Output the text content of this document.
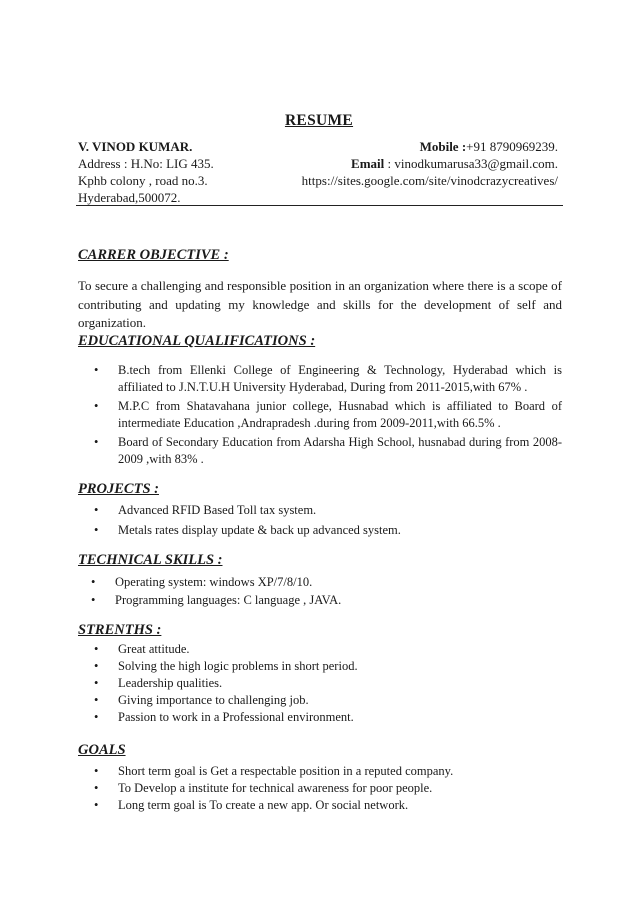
RESUME
V. VINOD KUMAR.	Mobile :+91 8790969239.
Address : H.No: LIG 435.	Email : vinodkumarusa33@gmail.com.
Kphb colony , road no.3.	https://sites.google.com/site/vinodcrazycreatives/
Hyderabad,500072.
CARRER OBJECTIVE :
To secure a challenging and responsible position in an organization where there is a scope of contributing and updating my knowledge and skills for the development of self and organization.
EDUCATIONAL QUALIFICATIONS :
• B.tech from Ellenki College of Engineering & Technology, Hyderabad which is affiliated to J.N.T.U.H University Hyderabad, During from 2011-2015,with 67% .
• M.P.C from Shatavahana junior college, Husnabad which is affiliated to Board of intermediate Education ,Andrapradesh .during from 2009-2011,with 66.5% .
• Board of Secondary Education from Adarsha High School, husnabad during from 2008-2009 ,with 83% .
PROJECTS :
• Advanced RFID Based Toll tax system.
• Metals rates display update & back up advanced system.
TECHNICAL SKILLS :
• Operating system: windows XP/7/8/10.
• Programming languages: C language , JAVA.
STRENTHS :
• Great attitude.
• Solving the high logic problems in short period.
• Leadership qualities.
• Giving importance to challenging job.
• Passion to work in a Professional environment.
GOALS
• Short term goal is Get a respectable position in a reputed company.
• To Develop a institute for technical awareness for poor people.
• Long term goal is To create a new app. Or social network.
